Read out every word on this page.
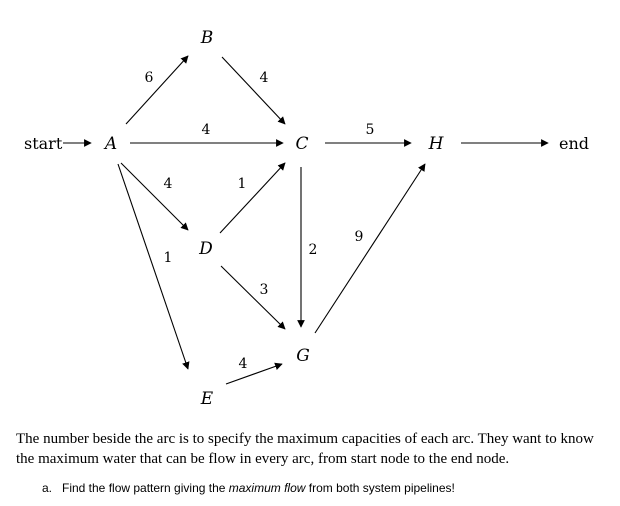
A
B
C
D
E
G
H
start	end
6	4
4	5
4	1
1	2
9
3
4

The number beside the arc is to specify the maximum capacities of each arc. They want to know the maximum water that can be flow in every arc, from start node to the end node.

a. Find the flow pattern giving the maximum flow from both system pipelines!
